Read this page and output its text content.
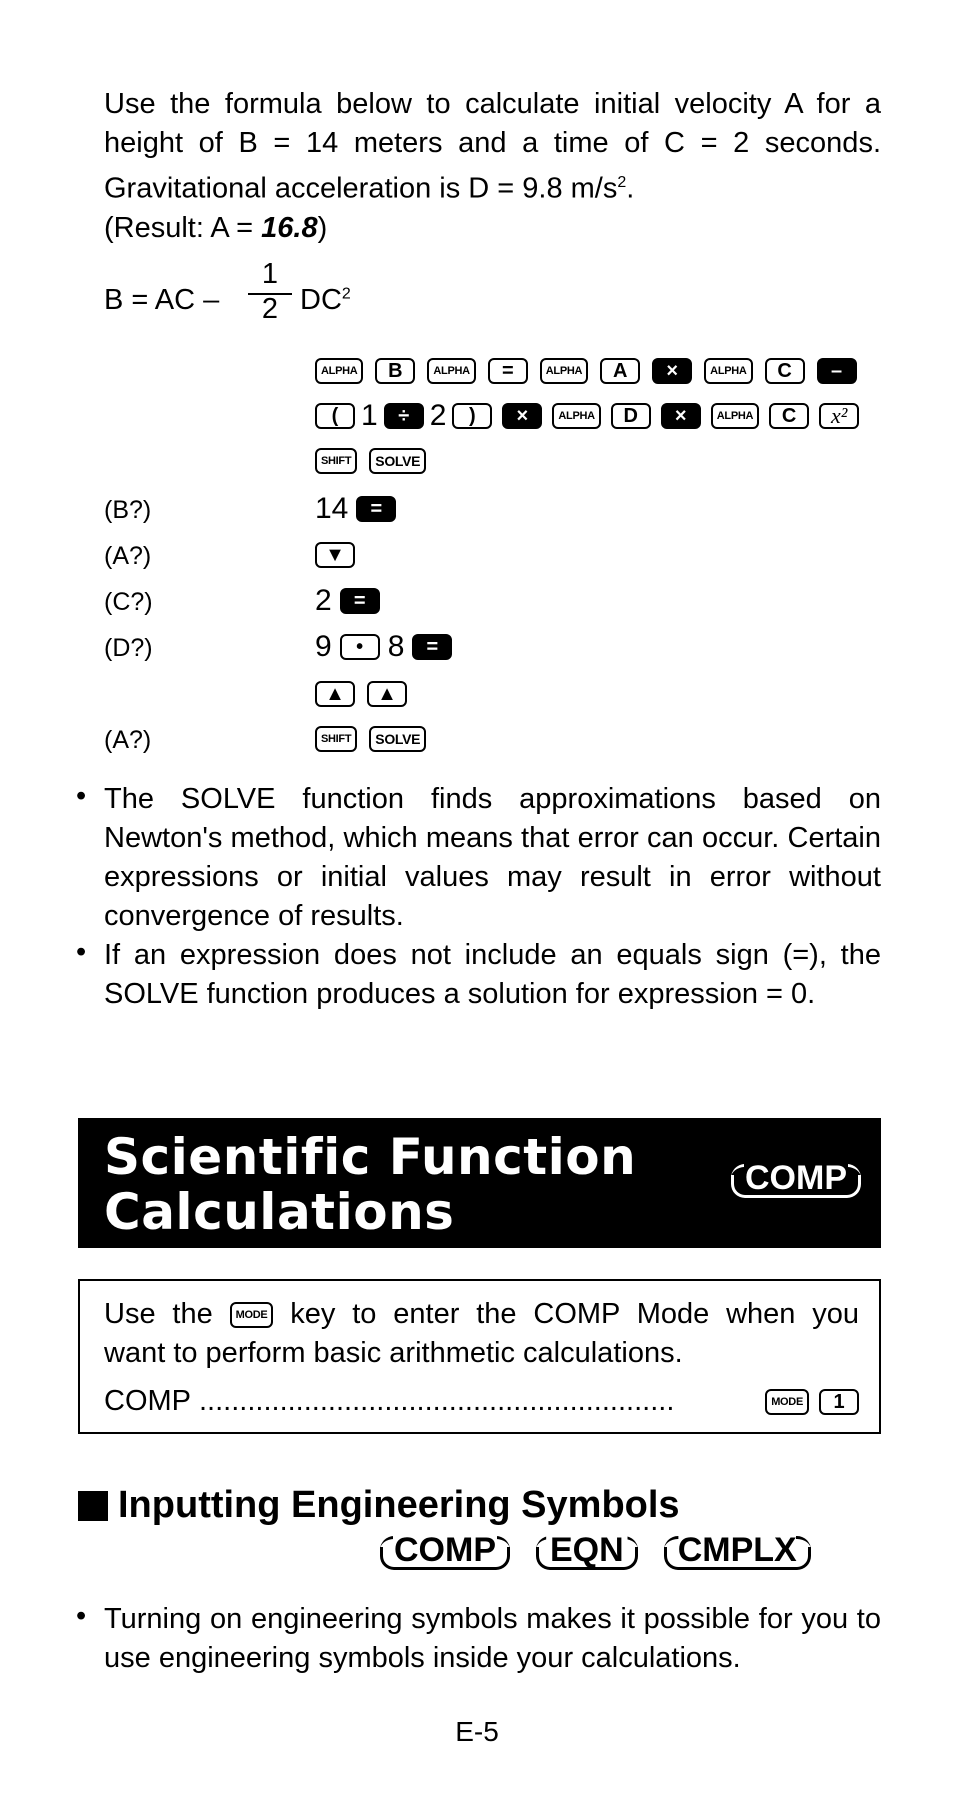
Use the formula below to calculate initial velocity A for a
height of B = 14 meters and a time of C = 2 seconds.
Gravitational acceleration is D = 9.8 $m/s^2$.
(Result: A = 16.8)
B = AC –
1
2 $DC^2$
ALPHA	B	ALPHA	=	ALPHA	A	×	ALPHA	C	–
( 1	÷ 2	)	×	ALPHA	D	×	ALPHA	C	x²
SHIFT	SOLVE
(B?)	14	=
(A?)	▼
(C?)	2	=
(D?)	9	• 8	=
▲	▲
(A?)	SHIFT	SOLVE
• The SOLVE function finds approximations based on Newton's method, which means that error can occur. Certain expressions or initial values may result in error without convergence of results.
• If an expression does not include an equals sign (=), the SOLVE function produces a solution for expression = 0.
Scientific Function
Calculations
COMP
Use the MODE key to enter the COMP Mode when you
want to perform basic arithmetic calculations.
COMP ...........................................................	MODE	1
Inputting Engineering Symbols
COMP	EQN	CMPLX
• Turning on engineering symbols makes it possible for you to use engineering symbols inside your calculations.
E-5
